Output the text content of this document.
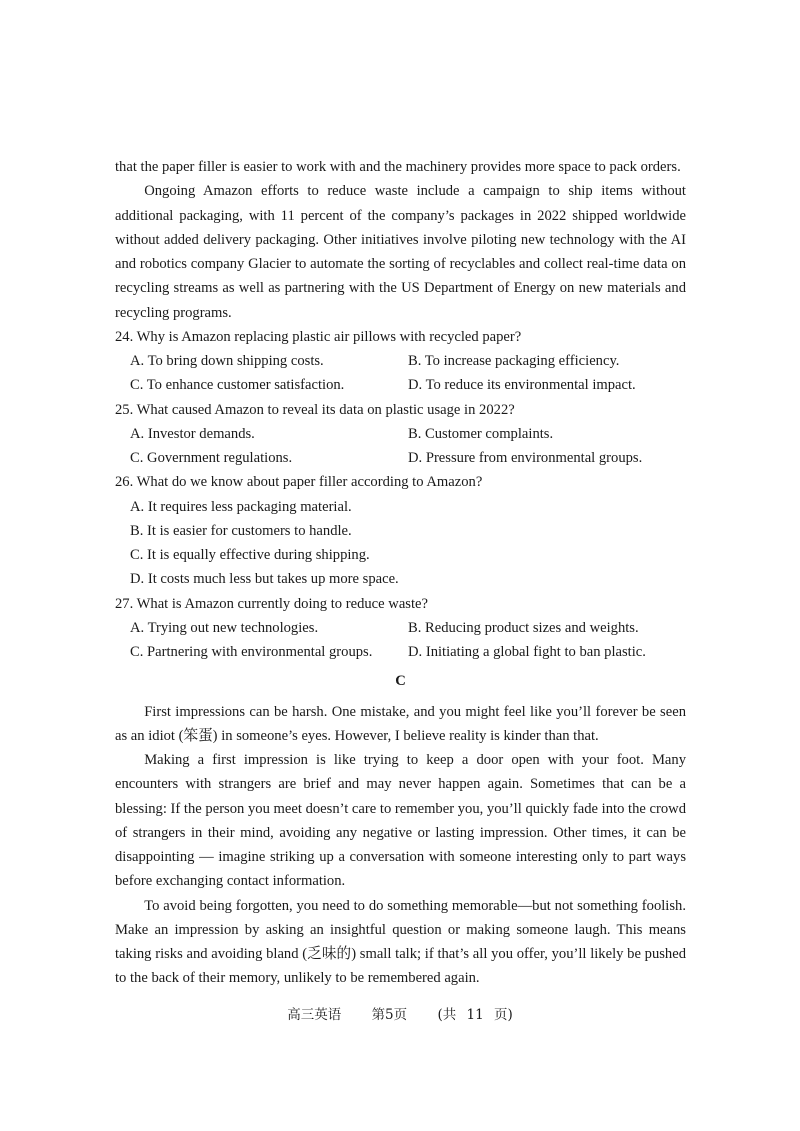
that the paper filler is easier to work with and the machinery provides more space to pack orders.

Ongoing Amazon efforts to reduce waste include a campaign to ship items without additional packaging, with 11 percent of the company’s packages in 2022 shipped worldwide without added delivery packaging. Other initiatives involve piloting new technology with the AI and robotics company Glacier to automate the sorting of recyclables and collect real-time data on recycling streams as well as partnering with the US Department of Energy on new materials and recycling programs.

24. Why is Amazon replacing plastic air pillows with recycled paper?

A. To bring down shipping costs.	B. To increase packaging efficiency.
C. To enhance customer satisfaction.	D. To reduce its environmental impact.

25. What caused Amazon to reveal its data on plastic usage in 2022?

A. Investor demands.	B. Customer complaints.
C. Government regulations.	D. Pressure from environmental groups.

26. What do we know about paper filler according to Amazon?

A. It requires less packaging material.
B. It is easier for customers to handle.
C. It is equally effective during shipping.
D. It costs much less but takes up more space.

27. What is Amazon currently doing to reduce waste?

A. Trying out new technologies.	B. Reducing product sizes and weights.
C. Partnering with environmental groups.	D. Initiating a global fight to ban plastic.
C

First impressions can be harsh. One mistake, and you might feel like you’ll forever be seen as an idiot (笨蛋) in someone’s eyes. However, I believe reality is kinder than that.

Making a first impression is like trying to keep a door open with your foot. Many encounters with strangers are brief and may never happen again. Sometimes that can be a blessing: If the person you meet doesn’t care to remember you, you’ll quickly fade into the crowd of strangers in their mind, avoiding any negative or lasting impression. Other times, it can be disappointing — imagine striking up a conversation with someone interesting only to part ways before exchanging contact information.

To avoid being forgotten, you need to do something memorable—but not something foolish. Make an impression by asking an insightful question or making someone laugh. This means taking risks and avoiding bland (乏味的) small talk; if that’s all you offer, you’ll likely be pushed to the back of their memory, unlikely to be remembered again.

高三英语 第5页 (共 11 页)
